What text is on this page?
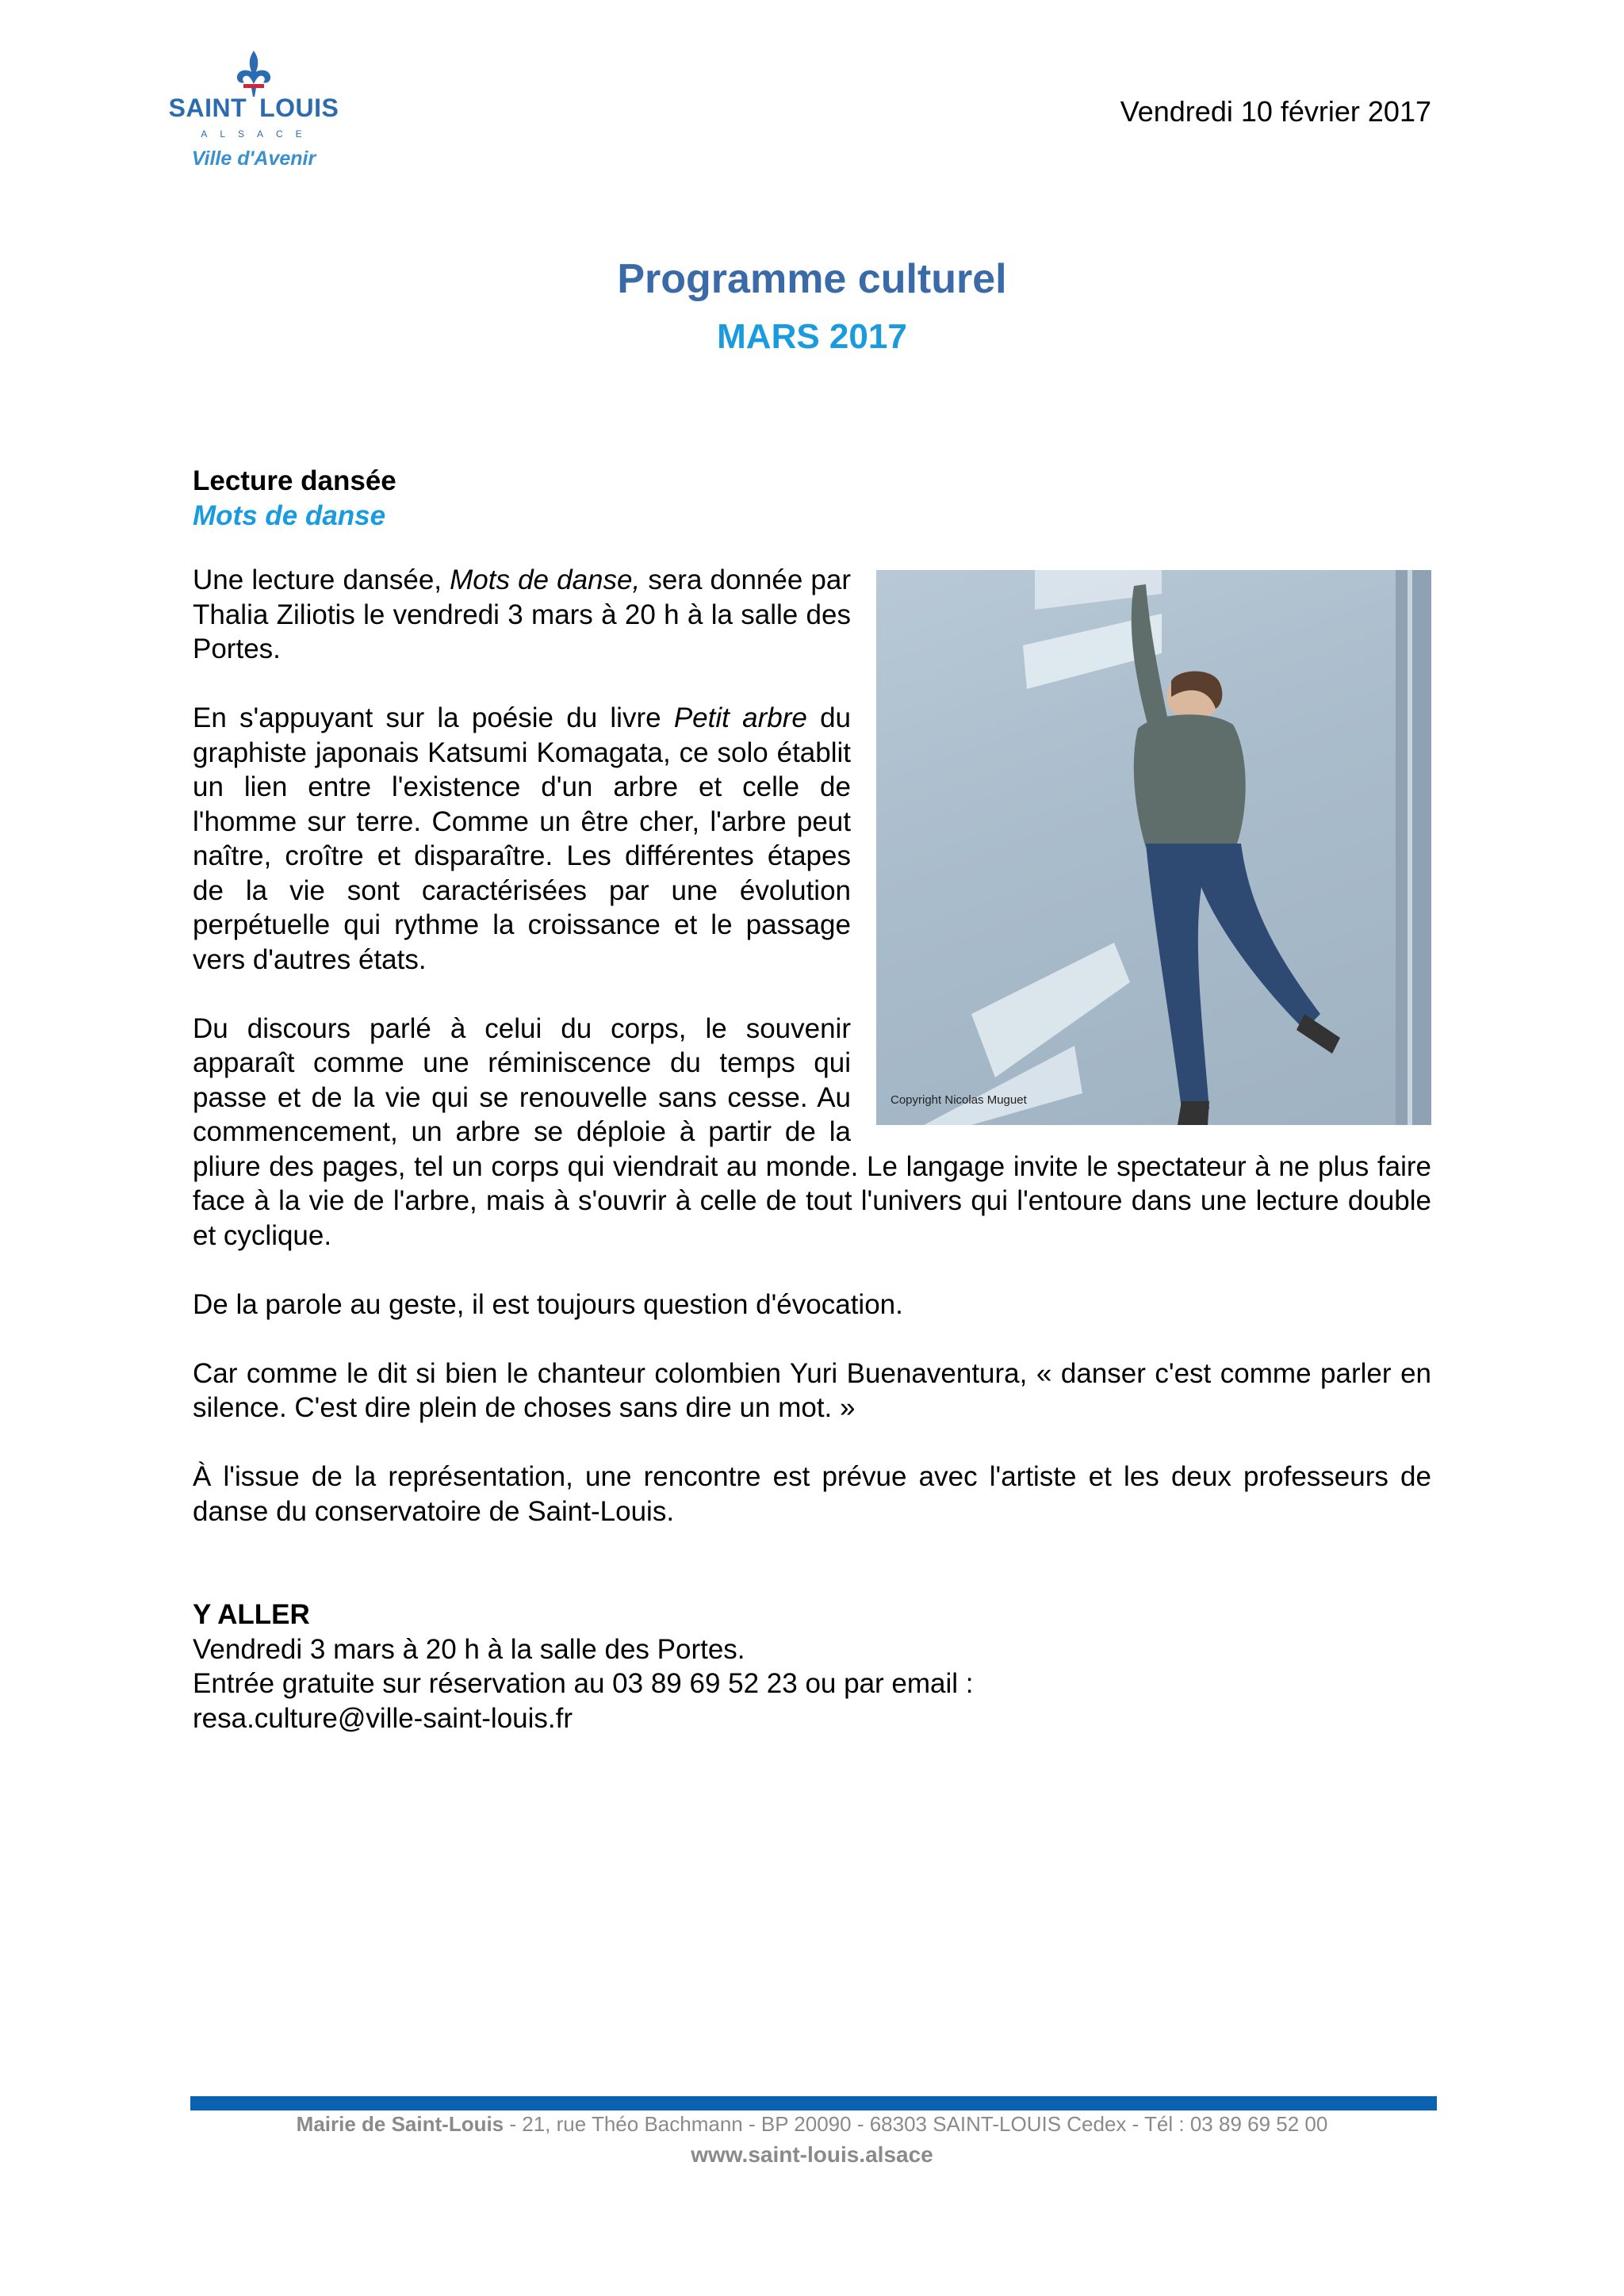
SAINT LOUIS
ALSACE
Ville d'Avenir
Vendredi 10 février 2017
Programme culturel
MARS 2017
Lecture dansée
Mots de danse
Copyright Nicolas Muguet

Une lecture dansée, Mots de danse, sera donnée par Thalia Ziliotis le vendredi 3 mars à 20 h à la salle des Portes.

En s'appuyant sur la poésie du livre Petit arbre du graphiste japonais Katsumi Komagata, ce solo établit un lien entre l'existence d'un arbre et celle de l'homme sur terre. Comme un être cher, l'arbre peut naître, croître et disparaître. Les différentes étapes de la vie sont caractérisées par une évolution perpétuelle qui rythme la croissance et le passage vers d'autres états.

Du discours parlé à celui du corps, le souvenir apparaît comme une réminiscence du temps qui passe et de la vie qui se renouvelle sans cesse. Au commencement, un arbre se déploie à partir de la pliure des pages, tel un corps qui viendrait au monde. Le langage invite le spectateur à ne plus faire face à la vie de l'arbre, mais à s'ouvrir à celle de tout l'univers qui l'entoure dans une lecture double et cyclique.

De la parole au geste, il est toujours question d'évocation.

Car comme le dit si bien le chanteur colombien Yuri Buenaventura, « danser c'est comme parler en silence. C'est dire plein de choses sans dire un mot. »

À l'issue de la représentation, une rencontre est prévue avec l'artiste et les deux professeurs de danse du conservatoire de Saint-Louis.

Y ALLER
Vendredi 3 mars à 20 h à la salle des Portes.
Entrée gratuite sur réservation au 03 89 69 52 23 ou par email :
resa.culture@ville-saint-louis.fr
Mairie de Saint-Louis - 21, rue Théo Bachmann - BP 20090 - 68303 SAINT-LOUIS Cedex - Tél : 03 89 69 52 00
www.saint-louis.alsace
